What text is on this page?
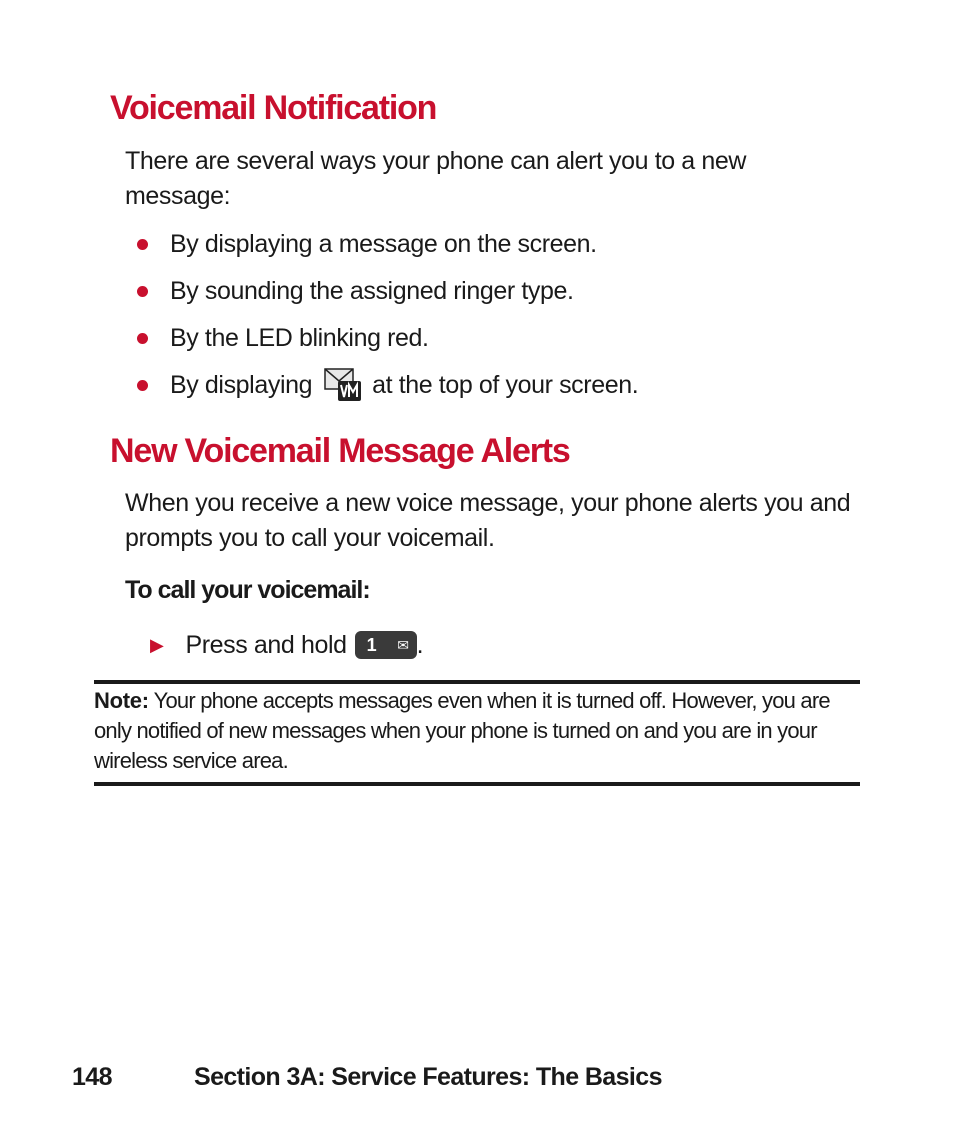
Voicemail Notification

There are several ways your phone can alert you to a new message:

By displaying a message on the screen.
By sounding the assigned ringer type.
By the LED blinking red.
By displaying at the top of your screen.
New Voicemail Message Alerts

When you receive a new voice message, your phone alerts you and prompts you to call your voicemail.

To call your voicemail:

▶ Press and hold 1 ✉ .

Note: Your phone accepts messages even when it is turned off. However, you are only notified of new messages when your phone is turned on and you are in your wireless service area.

148	Section 3A: Service Features: The Basics
